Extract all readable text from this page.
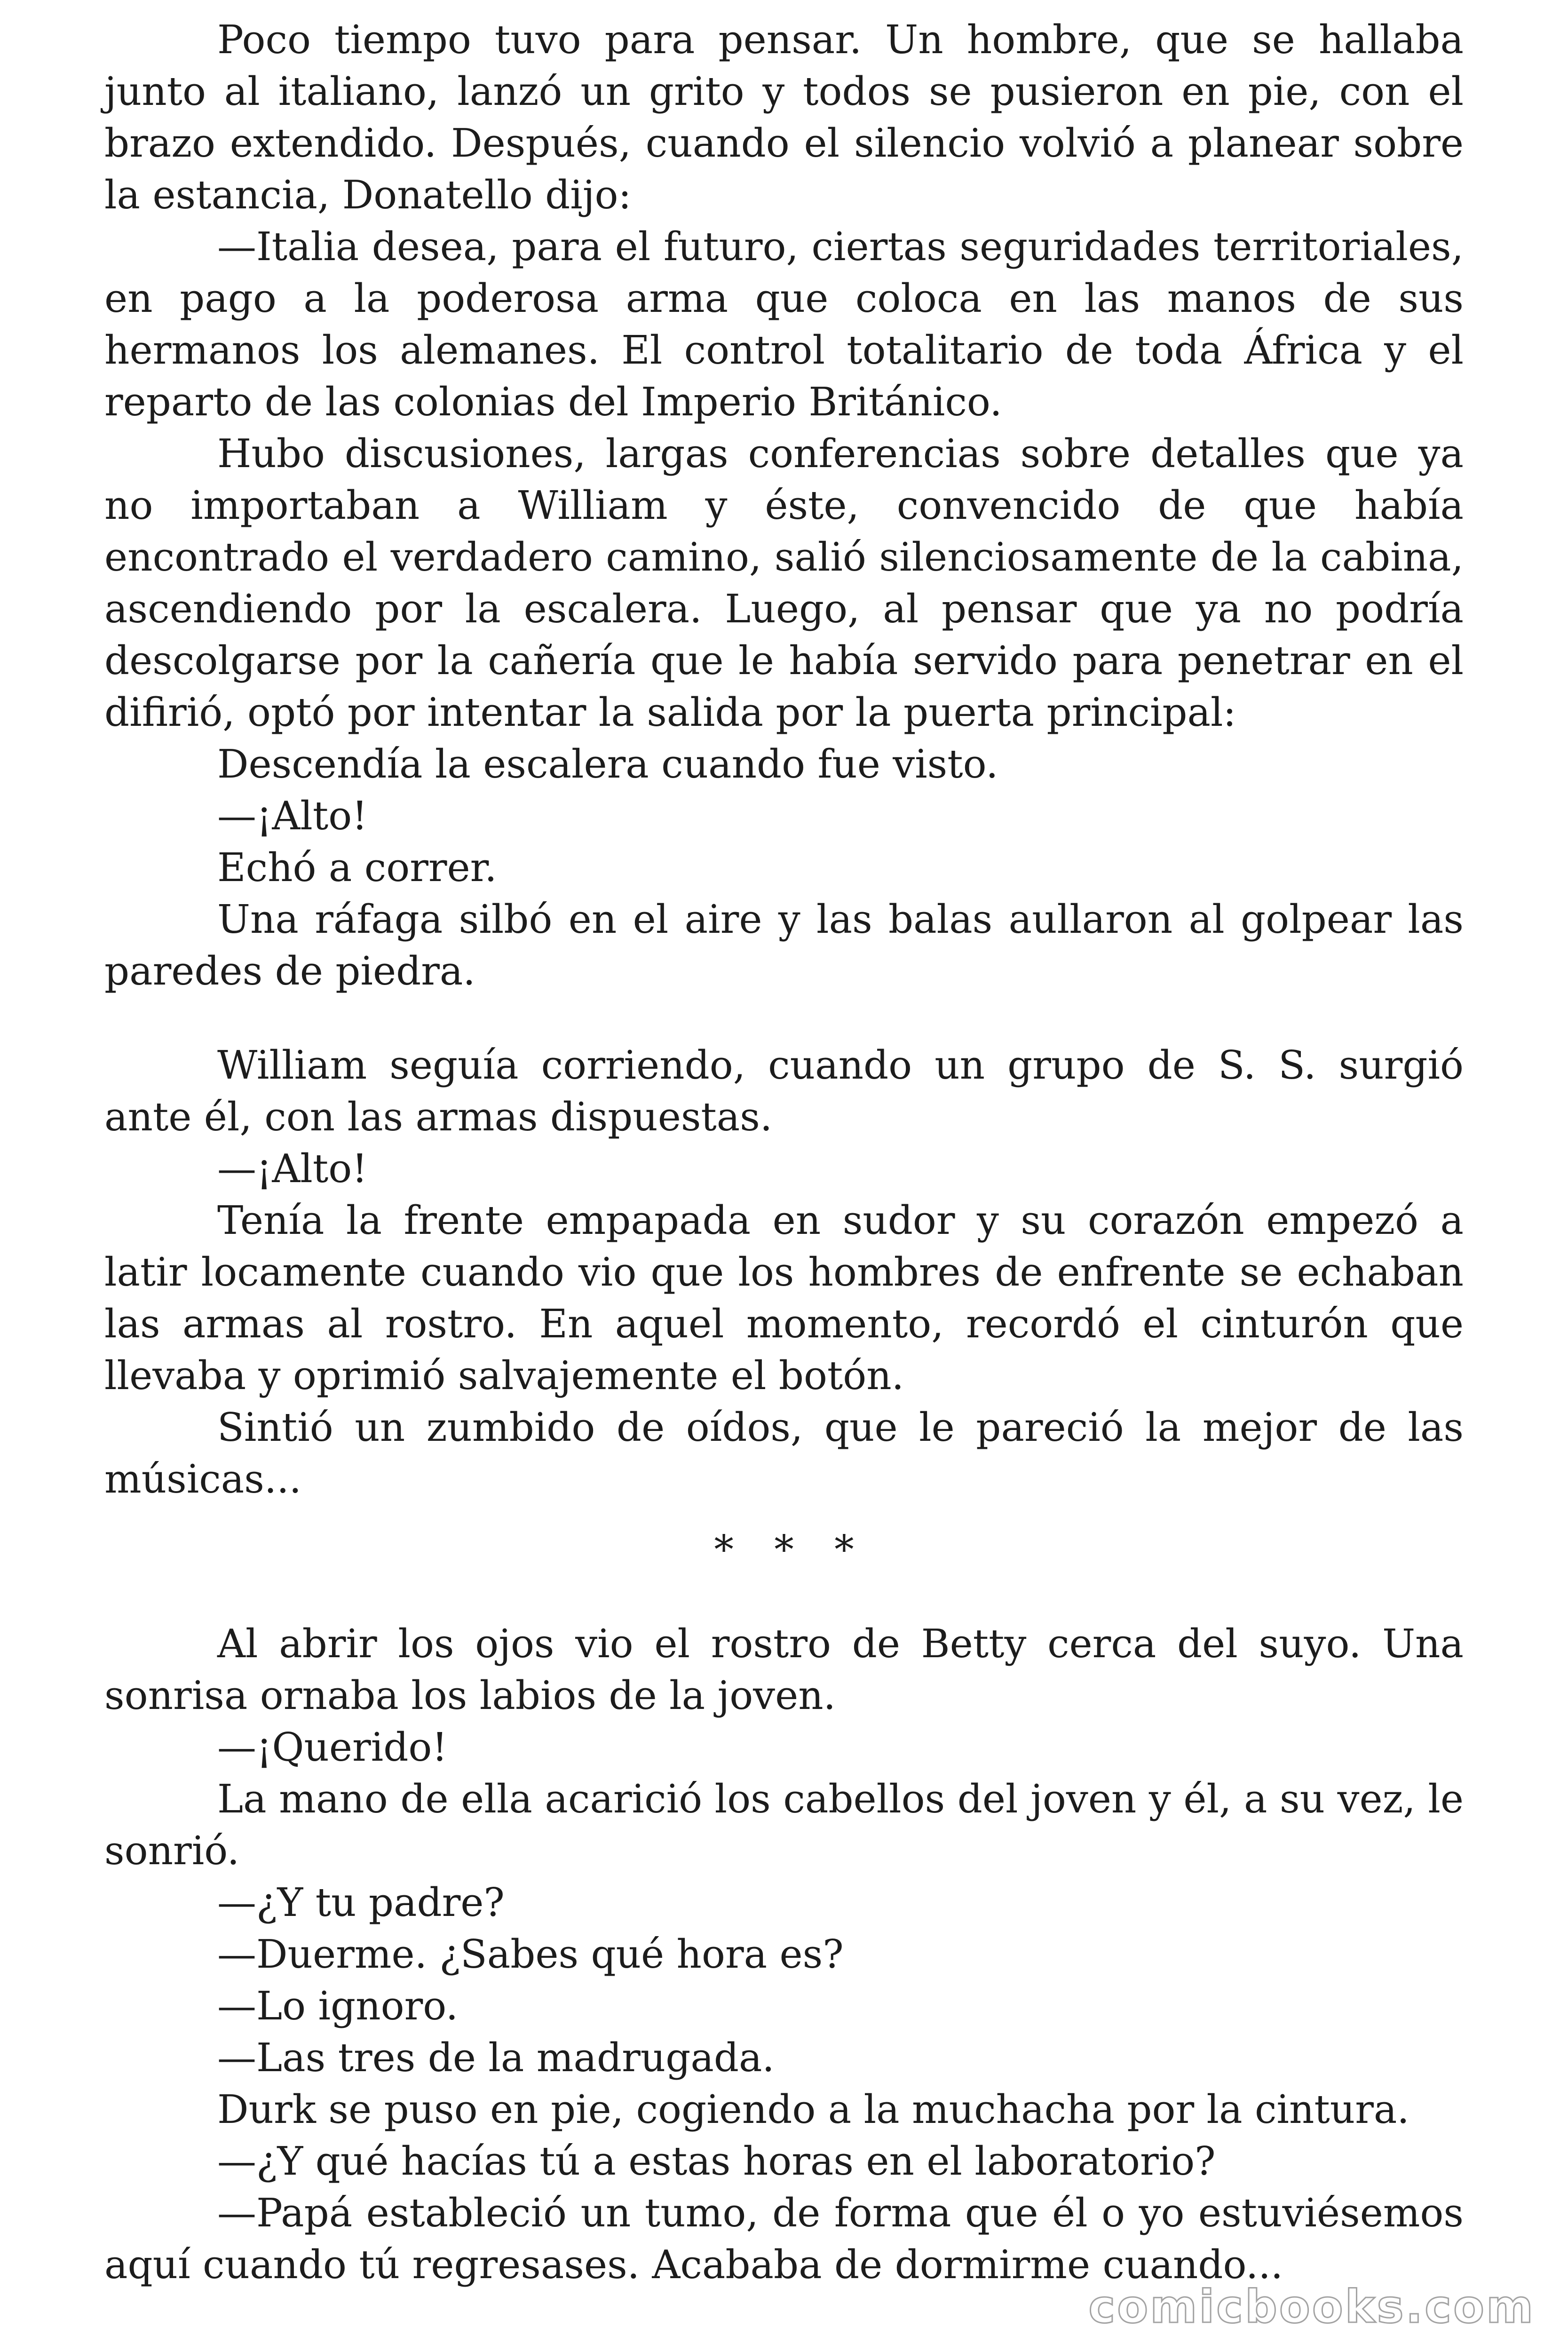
Poco tiempo tuvo para pensar. Un hombre, que se hallaba junto al italiano, lanzó un grito y todos se pusieron en pie, con el brazo extendido. Después, cuando el silencio volvió a planear sobre la estancia, Donatello dijo:

—Italia desea, para el futuro, ciertas seguridades territoriales, en pago a la poderosa arma que coloca en las manos de sus hermanos los alemanes. El control totalitario de toda África y el reparto de las colonias del Imperio Británico.

Hubo discusiones, largas conferencias sobre detalles que ya no importaban a William y éste, convencido de que había encontrado el verdadero camino, salió silenciosamente de la cabina, ascendiendo por la escalera. Luego, al pensar que ya no podría descolgarse por la cañería que le había servido para penetrar en el difirió, optó por intentar la salida por la puerta principal:

Descendía la escalera cuando fue visto.

—¡Alto!

Echó a correr.

Una ráfaga silbó en el aire y las balas aullaron al golpear las paredes de piedra.

William seguía corriendo, cuando un grupo de S. S. surgió ante él, con las armas dispuestas.

—¡Alto!

Tenía la frente empapada en sudor y su corazón empezó a latir locamente cuando vio que los hombres de enfrente se echaban las armas al rostro. En aquel momento, recordó el cinturón que llevaba y oprimió salvajemente el botón.

Sintió un zumbido de oídos, que le pareció la mejor de las músicas...

* * *

Al abrir los ojos vio el rostro de Betty cerca del suyo. Una sonrisa ornaba los labios de la joven.

—¡Querido!

La mano de ella acarició los cabellos del joven y él, a su vez, le sonrió.

—¿Y tu padre?

—Duerme. ¿Sabes qué hora es?

—Lo ignoro.

—Las tres de la madrugada.

Durk se puso en pie, cogiendo a la muchacha por la cintura.

—¿Y qué hacías tú a estas horas en el laboratorio?

—Papá estableció un tumo, de forma que él o yo estuviésemos aquí cuando tú regresases. Acababa de dormirme cuando...

comicbooks.com
